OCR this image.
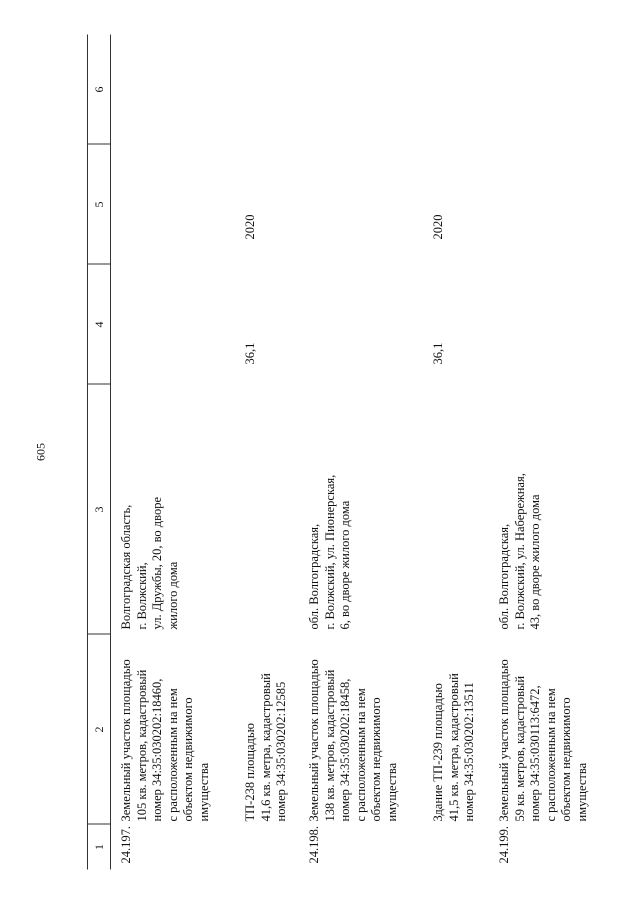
605
1
2
3
4
5
6
24.197.
Земельный участок площадью
105 кв. метров, кадастровый
номер 34:35:030202:18460,
с расположенным на нем
объектом недвижимого
имущества	ТП-238 площадью
41,6 кв. метра, кадастровый
номер 34:35:030202:12585
Волгоградская область,
г. Волжский,
ул. Дружбы, 20, во дворе
жилого дома
36,1
2020
24.198.
Земельный участок площадью
138 кв. метров, кадастровый
номер 34:35:030202:18458,
с расположенным на нем
объектом недвижимого
имущества	Здание ТП-239 площадью
41,5 кв. метра, кадастровый
номер 34:35:030202:13511
обл. Волгоградская,
г. Волжский, ул. Пионерская,
6, во дворе жилого дома
36,1
2020
24.199.
Земельный участок площадью
59 кв. метров, кадастровый
номер 34:35:030113:6472,
с расположенным на нем
объектом недвижимого
имущества
обл. Волгоградская,
г. Волжский, ул. Набережная,
43, во дворе жилого дома
